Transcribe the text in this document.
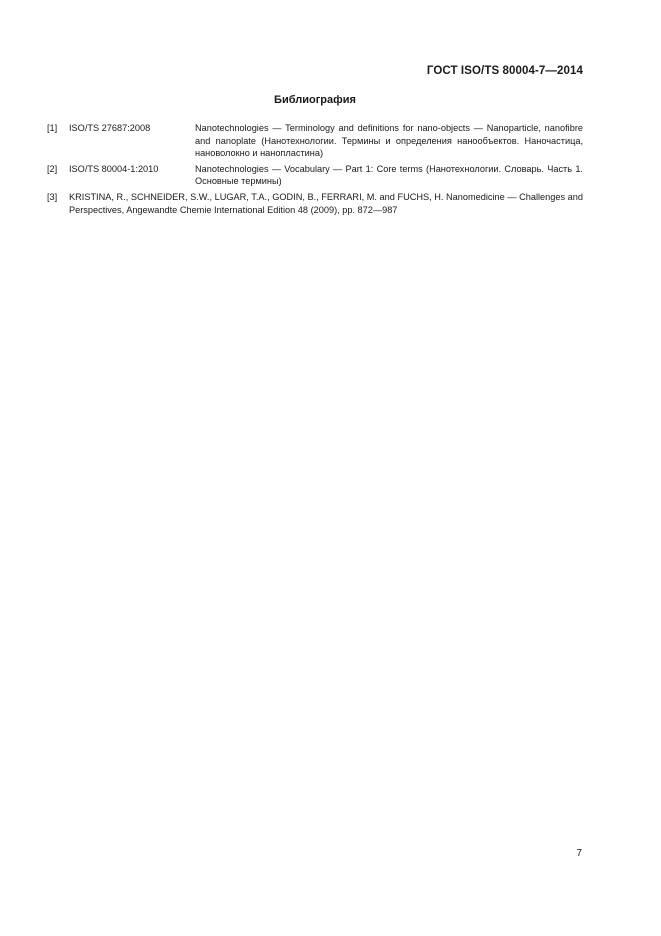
ГОСТ ISO/TS 80004-7—2014
Библиография
[1] ISO/TS 27687:2008	Nanotechnologies — Terminology and definitions for nano-objects — Nanoparticle, nanofibre and nanoplate (Нанотехнологии. Термины и определения нанообъектов. Наночастица, нановолокно и нанопластина)
[2] ISO/TS 80004-1:2010	Nanotechnologies — Vocabulary — Part 1: Core terms (Нанотехнологии. Словарь. Часть 1. Основные термины)
[3] KRISTINA, R., SCHNEIDER, S.W., LUGAR, T.A., GODIN, B., FERRARI, M. and FUCHS, H. Nanomedicine — Challenges and Perspectives, Angewandte Chemie International Edition 48 (2009), pp. 872—987
7
